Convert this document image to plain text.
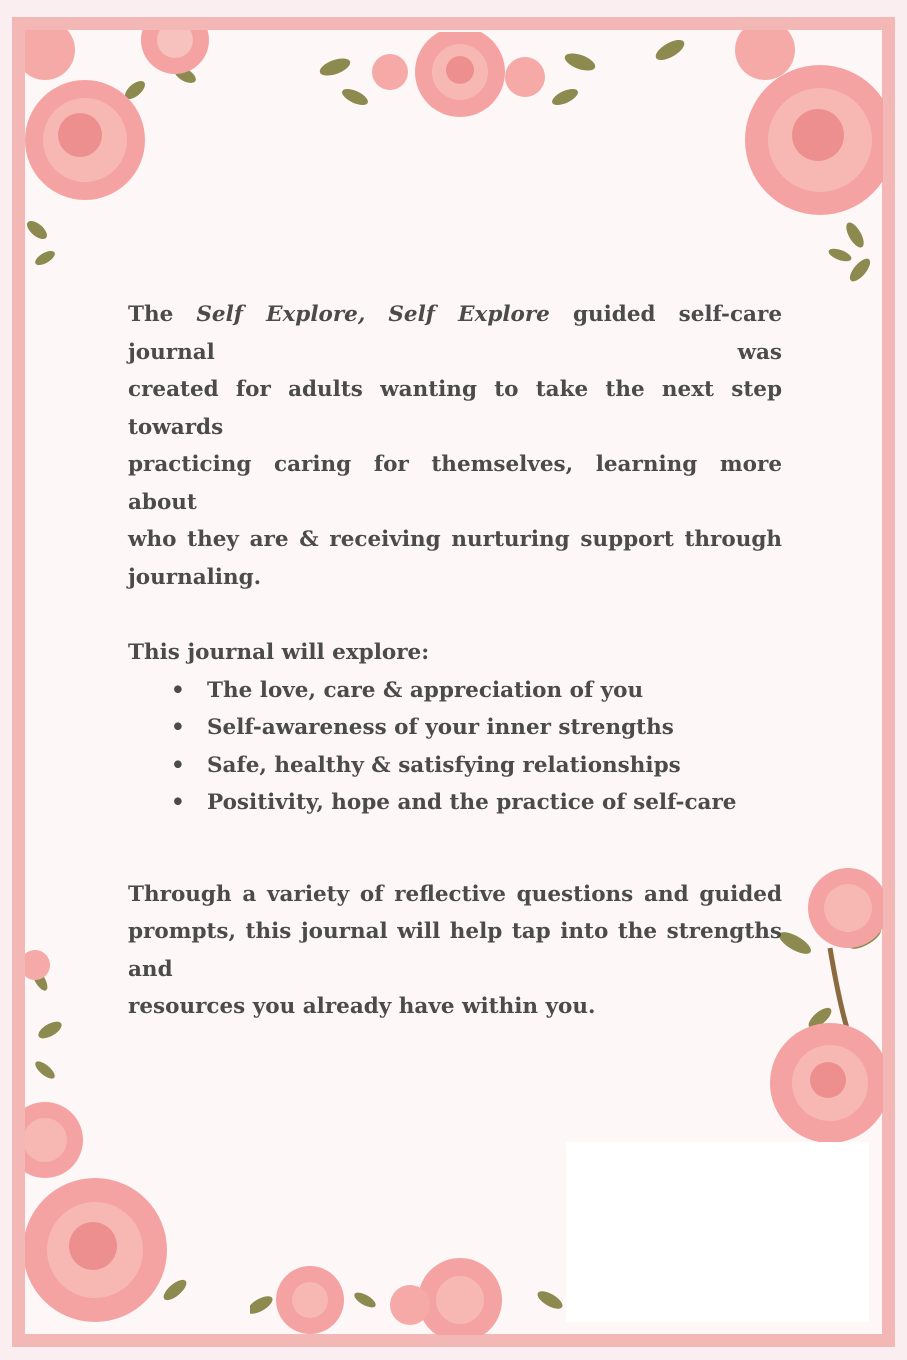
The Self Explore, Self Explore guided self-care journal was
created for adults wanting to take the next step towards
practicing caring for themselves, learning more about
who they are & receiving nurturing support through
journaling.
This journal will explore:
• The love, care & appreciation of you
• Self-awareness of your inner strengths
• Safe, healthy & satisfying relationships
• Positivity, hope and the practice of self-care
Through a variety of reflective questions and guided
prompts, this journal will help tap into the strengths and
resources you already have within you.
